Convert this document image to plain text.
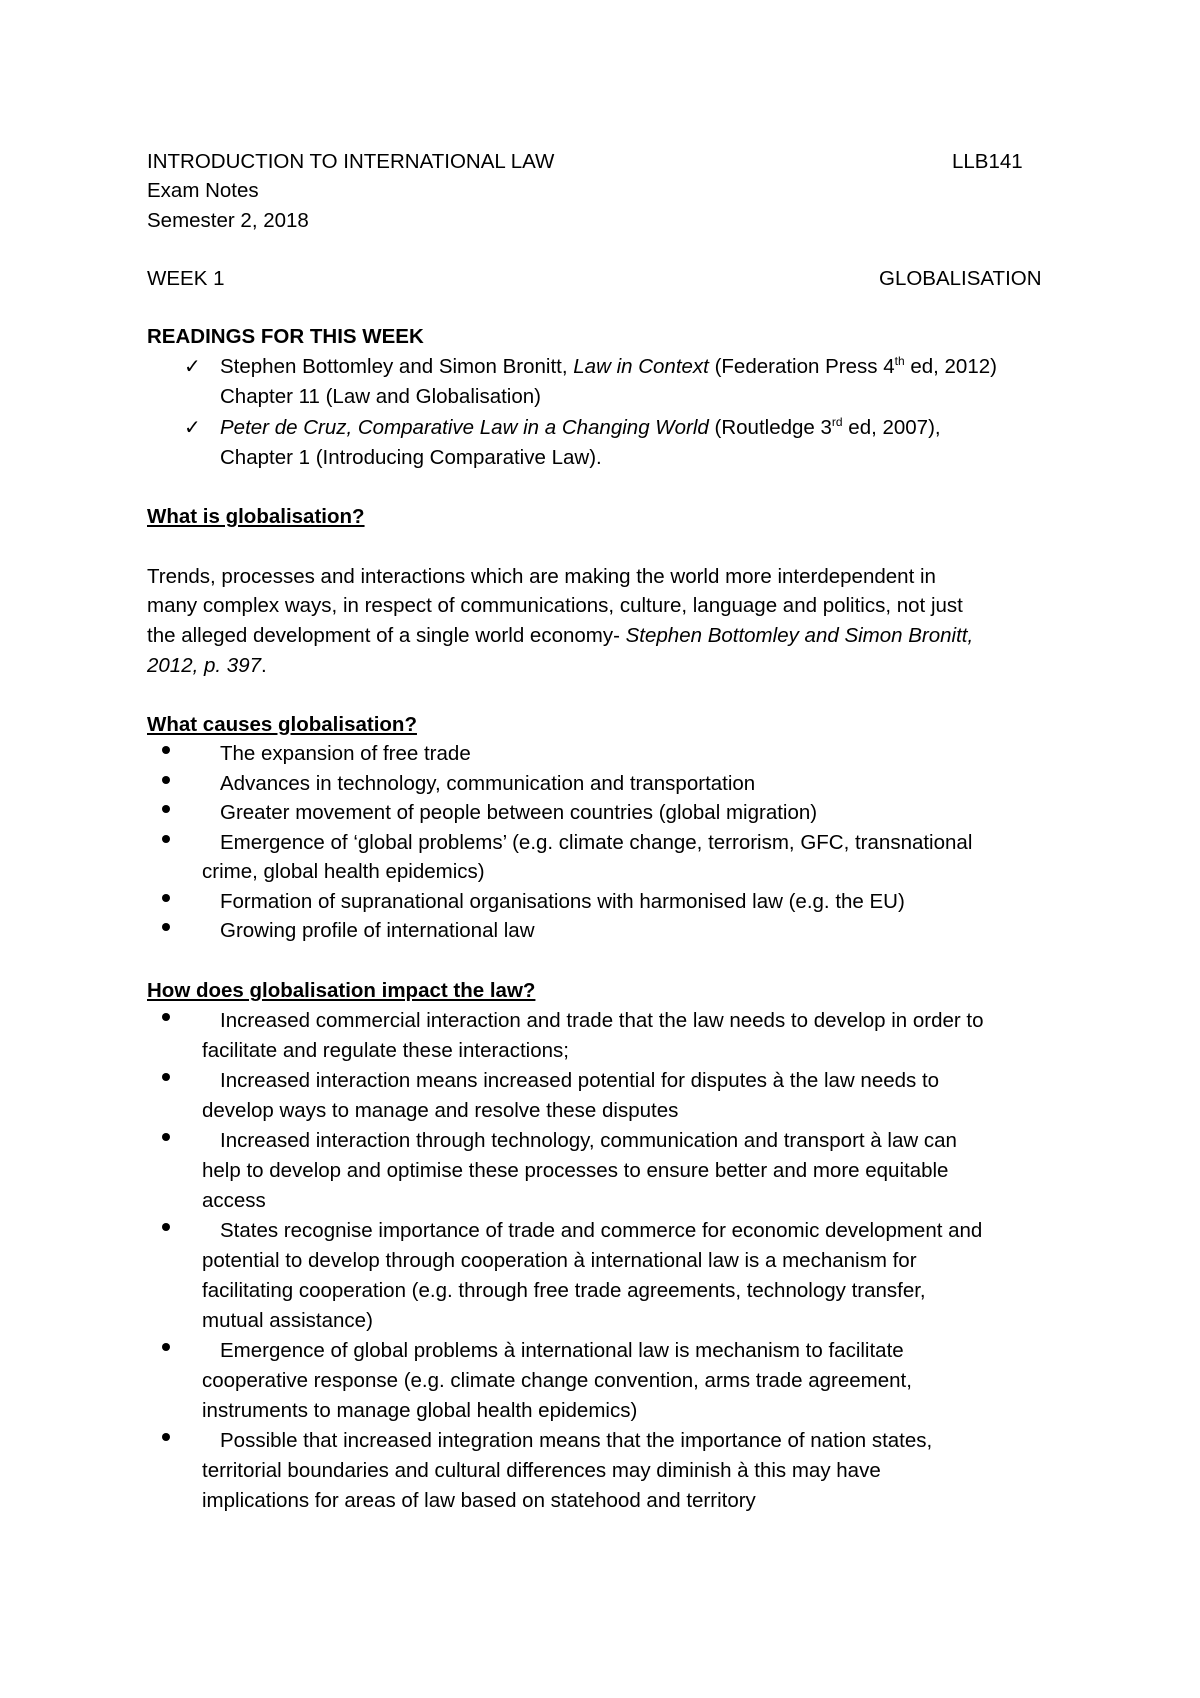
INTRODUCTION TO INTERNATIONAL LAW	LLB141
Exam Notes
Semester 2, 2018
WEEK 1	GLOBALISATION
READINGS FOR THIS WEEK
✓ Stephen Bottomley and Simon Bronitt, Law in Context (Federation Press 4th ed, 2012)
Chapter 11 (Law and Globalisation)
✓ Peter de Cruz, Comparative Law in a Changing World (Routledge 3rd ed, 2007),
Chapter 1 (Introducing Comparative Law).
What is globalisation?
Trends, processes and interactions which are making the world more interdependent in
many complex ways, in respect of communications, culture, language and politics, not just
the alleged development of a single world economy- Stephen Bottomley and Simon Bronitt,
2012, p. 397.
What causes globalisation?
The expansion of free trade
Advances in technology, communication and transportation
Greater movement of people between countries (global migration)
Emergence of ‘global problems’ (e.g. climate change, terrorism, GFC, transnational
crime, global health epidemics)
Formation of supranational organisations with harmonised law (e.g. the EU)
Growing profile of international law
How does globalisation impact the law?
Increased commercial interaction and trade that the law needs to develop in order to
facilitate and regulate these interactions;
Increased interaction means increased potential for disputes à the law needs to
develop ways to manage and resolve these disputes
Increased interaction through technology, communication and transport à law can
help to develop and optimise these processes to ensure better and more equitable
access
States recognise importance of trade and commerce for economic development and
potential to develop through cooperation à international law is a mechanism for
facilitating cooperation (e.g. through free trade agreements, technology transfer,
mutual assistance)
Emergence of global problems à international law is mechanism to facilitate
cooperative response (e.g. climate change convention, arms trade agreement,
instruments to manage global health epidemics)
Possible that increased integration means that the importance of nation states,
territorial boundaries and cultural differences may diminish à this may have
implications for areas of law based on statehood and territory
